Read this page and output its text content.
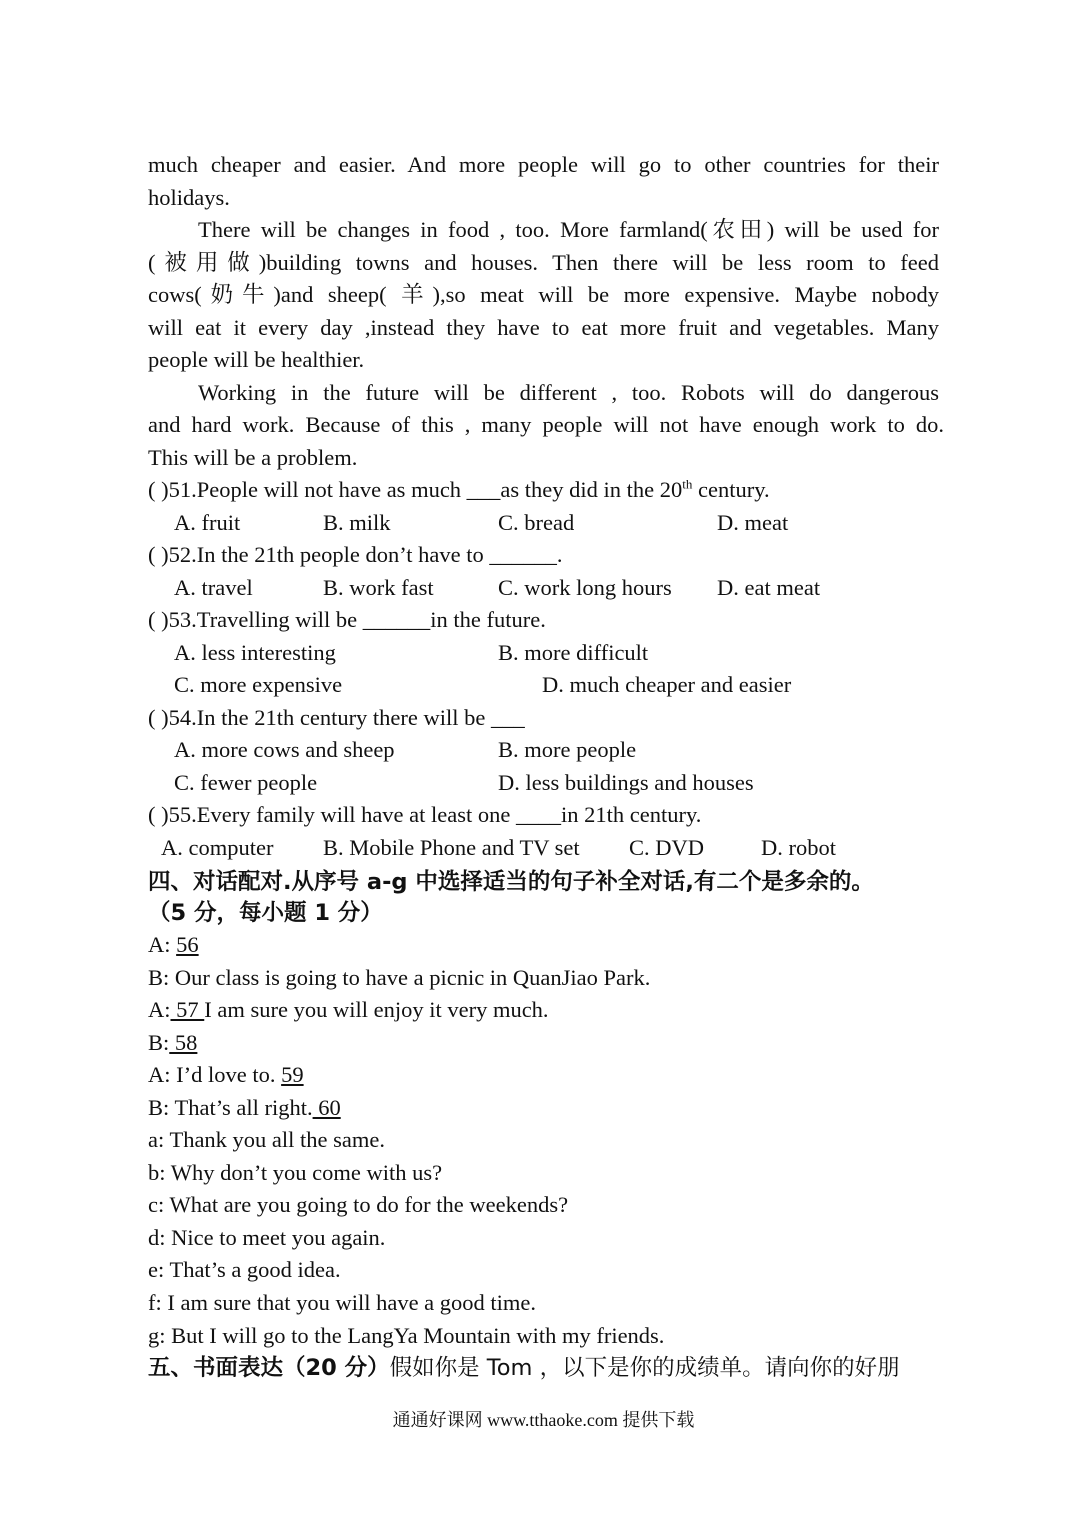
much cheaper and easier. And more people will go to other countries for their
holidays.
There will be changes in food , too. More farmland(农田) will be used for
(被用做)building towns and houses. Then there will be less room to feed
cows(奶牛)and sheep( 羊),so meat will be more expensive. Maybe nobody
will eat it every day ,instead they have to eat more fruit and vegetables. Many
people will be healthier.
Working in the future will be different , too. Robots will do dangerous
and hard work. Because of this , many people will not have enough work to do.
This will be a problem.
( )51.People will not have as much ___as they did in the 20th century.
A. fruit	B. milk	C. bread	D. meat
( )52.In the 21th people don’t have to ______.
A. travel	B. work fast	C. work long hours D. eat meat
( )53.Travelling will be ______in the future.
A. less interesting	B. more difficult
C. more expensive	D. much cheaper and easier
( )54.In the 21th century there will be ___
A. more cows and sheep	B. more people
C. fewer people	D. less buildings and houses
( )55.Every family will have at least one ____in 21th century.
A. computer B. Mobile Phone and TV set C. DVD	D. robot
四、对话配对.从序号 a-g 中选择适当的句子补全对话,有二个是多余的。
（5 分，每小题 1 分）
A: 56
B: Our class is going to have a picnic in QuanJiao Park.
A: 57 I am sure you will enjoy it very much.
B: 58
A: I’d love to. 59
B: That’s all right. 60
a: Thank you all the same.
b: Why don’t you come with us?
c: What are you going to do for the weekends?
d: Nice to meet you again.
e: That’s a good idea.
f: I am sure that you will have a good time.
g: But I will go to the LangYa Mountain with my friends.
五、书面表达（20 分）假如你是 Tom ，以下是你的成绩单。请向你的好朋
通通好课网 www.tthaoke.com 提供下载
